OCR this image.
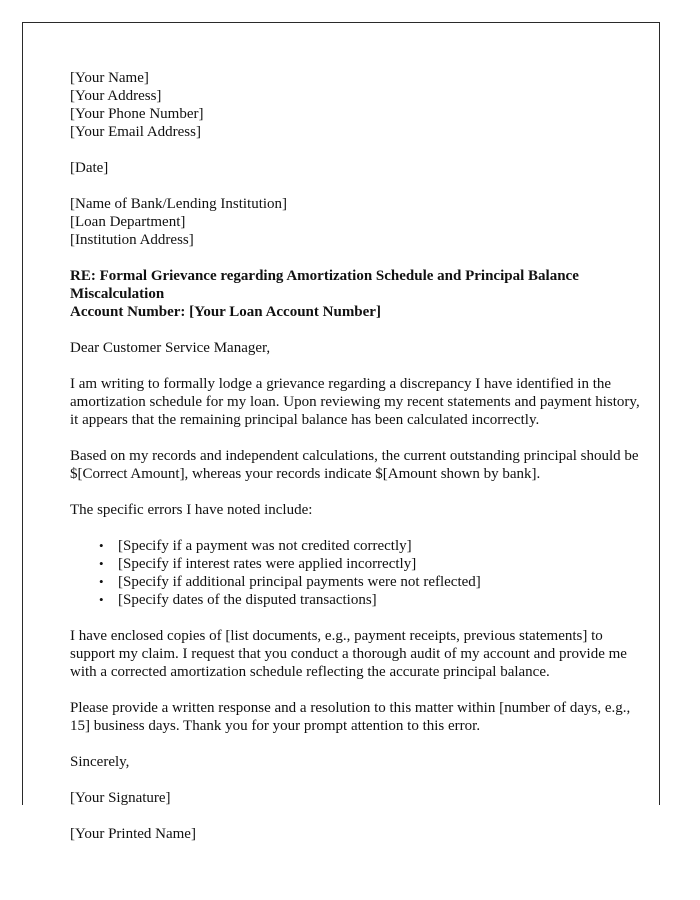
[Your Name]
[Your Address]
[Your Phone Number]
[Your Email Address]
[Date]
[Name of Bank/Lending Institution]
[Loan Department]
[Institution Address]
RE: Formal Grievance regarding Amortization Schedule and Principal Balance Miscalculation
Account Number: [Your Loan Account Number]

Dear Customer Service Manager,

I am writing to formally lodge a grievance regarding a discrepancy I have identified in the amortization schedule for my loan. Upon reviewing my recent statements and payment history, it appears that the remaining principal balance has been calculated incorrectly.

Based on my records and independent calculations, the current outstanding principal should be $[Correct Amount], whereas your records indicate $[Amount shown by bank].

The specific errors I have noted include:

• [Specify if a payment was not credited correctly]
• [Specify if interest rates were applied incorrectly]
• [Specify if additional principal payments were not reflected]
• [Specify dates of the disputed transactions]

I have enclosed copies of [list documents, e.g., payment receipts, previous statements] to support my claim. I request that you conduct a thorough audit of my account and provide me with a corrected amortization schedule reflecting the accurate principal balance.

Please provide a written response and a resolution to this matter within [number of days, e.g., 15] business days. Thank you for your prompt attention to this error.

Sincerely,

[Your Signature]

[Your Printed Name]
